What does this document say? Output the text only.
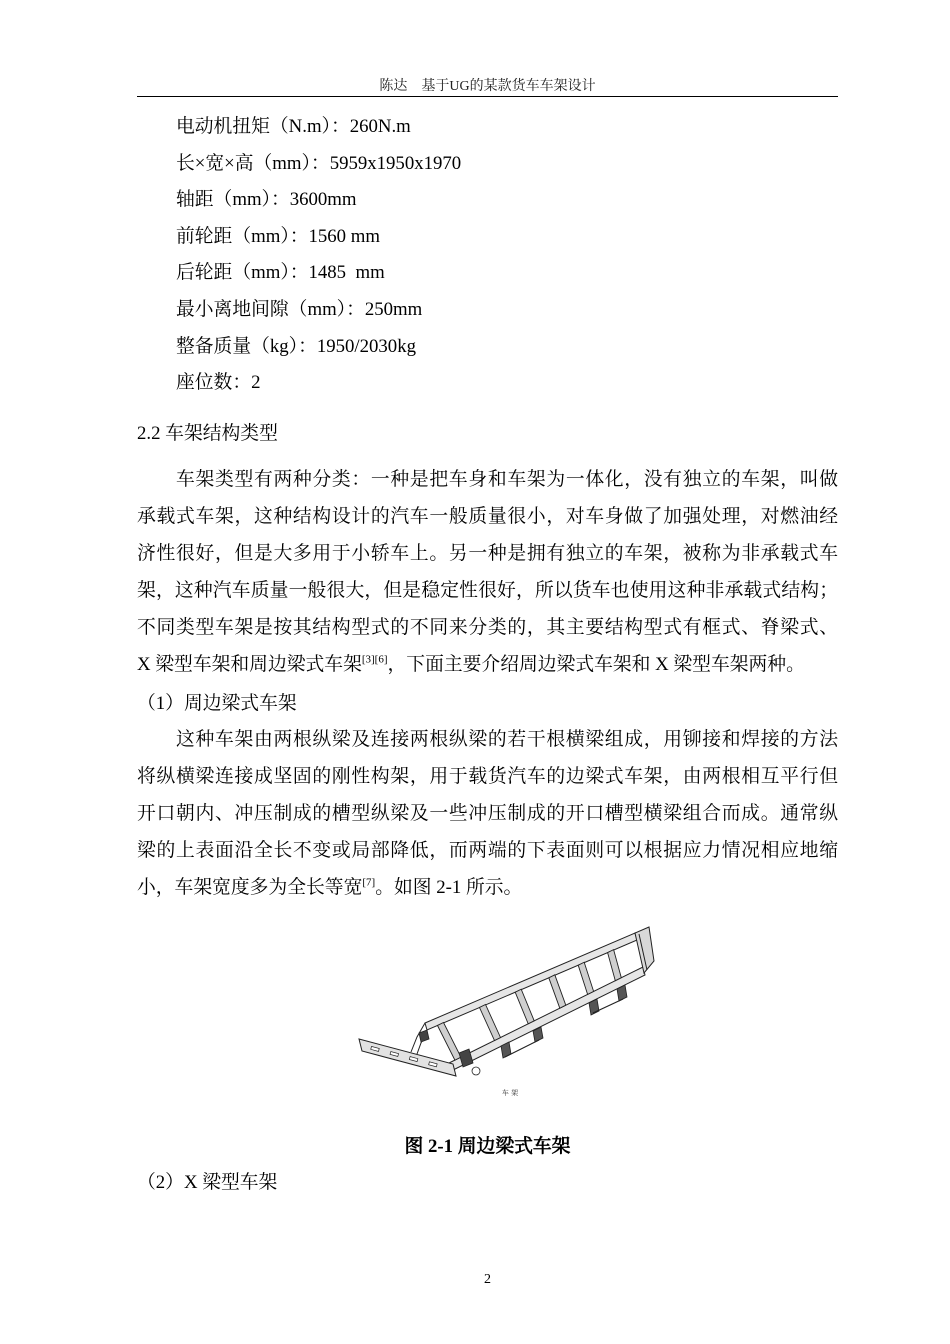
陈达　基于UG的某款货车车架设计
电动机扭矩（N.m）：260N.m
长×宽×高（mm）：5959x1950x1970
轴距（mm）：3600mm
前轮距（mm）：1560 mm
后轮距（mm）：1485  mm
最小离地间隙（mm）：250mm
整备质量（kg）：1950/2030kg
座位数：2
2.2 车架结构类型
车架类型有两种分类：一种是把车身和车架为一体化，没有独立的车架，叫做
承载式车架，这种结构设计的汽车一般质量很小，对车身做了加强处理，对燃油经
济性很好，但是大多用于小轿车上。另一种是拥有独立的车架，被称为非承载式车
架，这种汽车质量一般很大，但是稳定性很好，所以货车也使用这种非承载式结构；
不同类型车架是按其结构型式的不同来分类的，其主要结构型式有框式、脊梁式、
X 梁型车架和周边梁式车架[3][6]，下面主要介绍周边梁式车架和 X 梁型车架两种。
（1）周边梁式车架
这种车架由两根纵梁及连接两根纵梁的若干根横梁组成，用铆接和焊接的方法
将纵横梁连接成坚固的刚性构架，用于载货汽车的边梁式车架，由两根相互平行但
开口朝内、冲压制成的槽型纵梁及一些冲压制成的开口槽型横梁组合而成。通常纵
梁的上表面沿全长不变或局部降低，而两端的下表面则可以根据应力情况相应地缩
小，车架宽度多为全长等宽[7]。如图 2-1 所示。
车 架
图 2-1 周边梁式车架
（2）X 梁型车架
2
